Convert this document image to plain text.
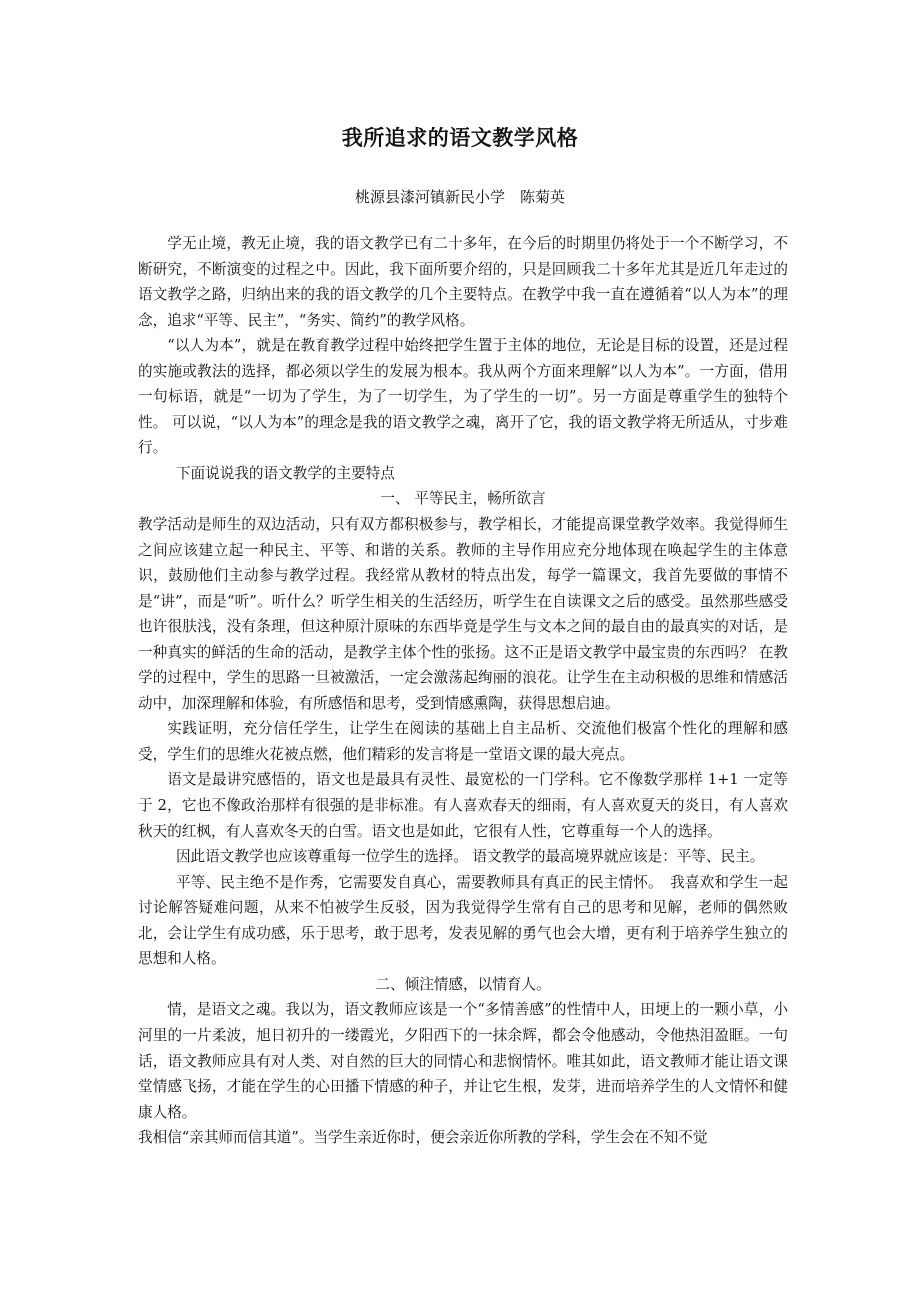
我所追求的语文教学风格
桃源县漆河镇新民小学　陈菊英

学无止境，教无止境，我的语文教学已有二十多年，在今后的时期里仍将处于一个不断学习，不断研究，不断演变的过程之中。因此，我下面所要介绍的，只是回顾我二十多年尤其是近几年走过的语文教学之路，归纳出来的我的语文教学的几个主要特点。在教学中我一直在遵循着“以人为本”的理念，追求“平等、民主”，“务实、简约”的教学风格。

“以人为本”，就是在教育教学过程中始终把学生置于主体的地位，无论是目标的设置，还是过程的实施或教法的选择，都必须以学生的发展为根本。我从两个方面来理解“以人为本”。一方面，借用一句标语，就是“一切为了学生，为了一切学生，为了学生的一切”。另一方面是尊重学生的独特个性。 可以说，“以人为本”的理念是我的语文教学之魂，离开了它，我的语文教学将无所适从，寸步难行。

下面说说我的语文教学的主要特点

一、 平等民主，畅所欲言

教学活动是师生的双边活动，只有双方都积极参与，教学相长，才能提高课堂教学效率。我觉得师生之间应该建立起一种民主、平等、和谐的关系。教师的主导作用应充分地体现在唤起学生的主体意识，鼓励他们主动参与教学过程。我经常从教材的特点出发，每学一篇课文，我首先要做的事情不是“讲”，而是“听”。听什么？听学生相关的生活经历，听学生在自读课文之后的感受。虽然那些感受也许很肤浅，没有条理，但这种原汁原味的东西毕竟是学生与文本之间的最自由的最真实的对话，是一种真实的鲜活的生命的活动，是教学主体个性的张扬。这不正是语文教学中最宝贵的东西吗？ 在教学的过程中，学生的思路一旦被激活，一定会激荡起绚丽的浪花。让学生在主动积极的思维和情感活动中，加深理解和体验，有所感悟和思考，受到情感熏陶，获得思想启迪。

实践证明，充分信任学生，让学生在阅读的基础上自主品析、交流他们极富个性化的理解和感受，学生们的思维火花被点燃，他们精彩的发言将是一堂语文课的最大亮点。

语文是最讲究感悟的，语文也是最具有灵性、最宽松的一门学科。它不像数学那样 1+1 一定等于 2，它也不像政治那样有很强的是非标准。有人喜欢春天的细雨，有人喜欢夏天的炎日，有人喜欢秋天的红枫，有人喜欢冬天的白雪。语文也是如此，它很有人性，它尊重每一个人的选择。

因此语文教学也应该尊重每一位学生的选择。 语文教学的最高境界就应该是：平等、民主。

平等、民主绝不是作秀，它需要发自真心，需要教师具有真正的民主情怀。　我喜欢和学生一起讨论解答疑难问题，从来不怕被学生反驳，因为我觉得学生常有自己的思考和见解，老师的偶然败北，会让学生有成功感，乐于思考，敢于思考，发表见解的勇气也会大增，更有利于培养学生独立的思想和人格。

二、倾注情感，以情育人。

情，是语文之魂。我以为，语文教师应该是一个“多情善感”的性情中人，田埂上的一颗小草，小河里的一片柔波，旭日初升的一缕霞光，夕阳西下的一抹余辉，都会令他感动，令他热泪盈眶。一句话，语文教师应具有对人类、对自然的巨大的同情心和悲悯情怀。唯其如此，语文教师才能让语文课堂情感飞扬，才能在学生的心田播下情感的种子，并让它生根，发芽，进而培养学生的人文情怀和健康人格。

我相信“亲其师而信其道”。当学生亲近你时，便会亲近你所教的学科，学生会在不知不觉
